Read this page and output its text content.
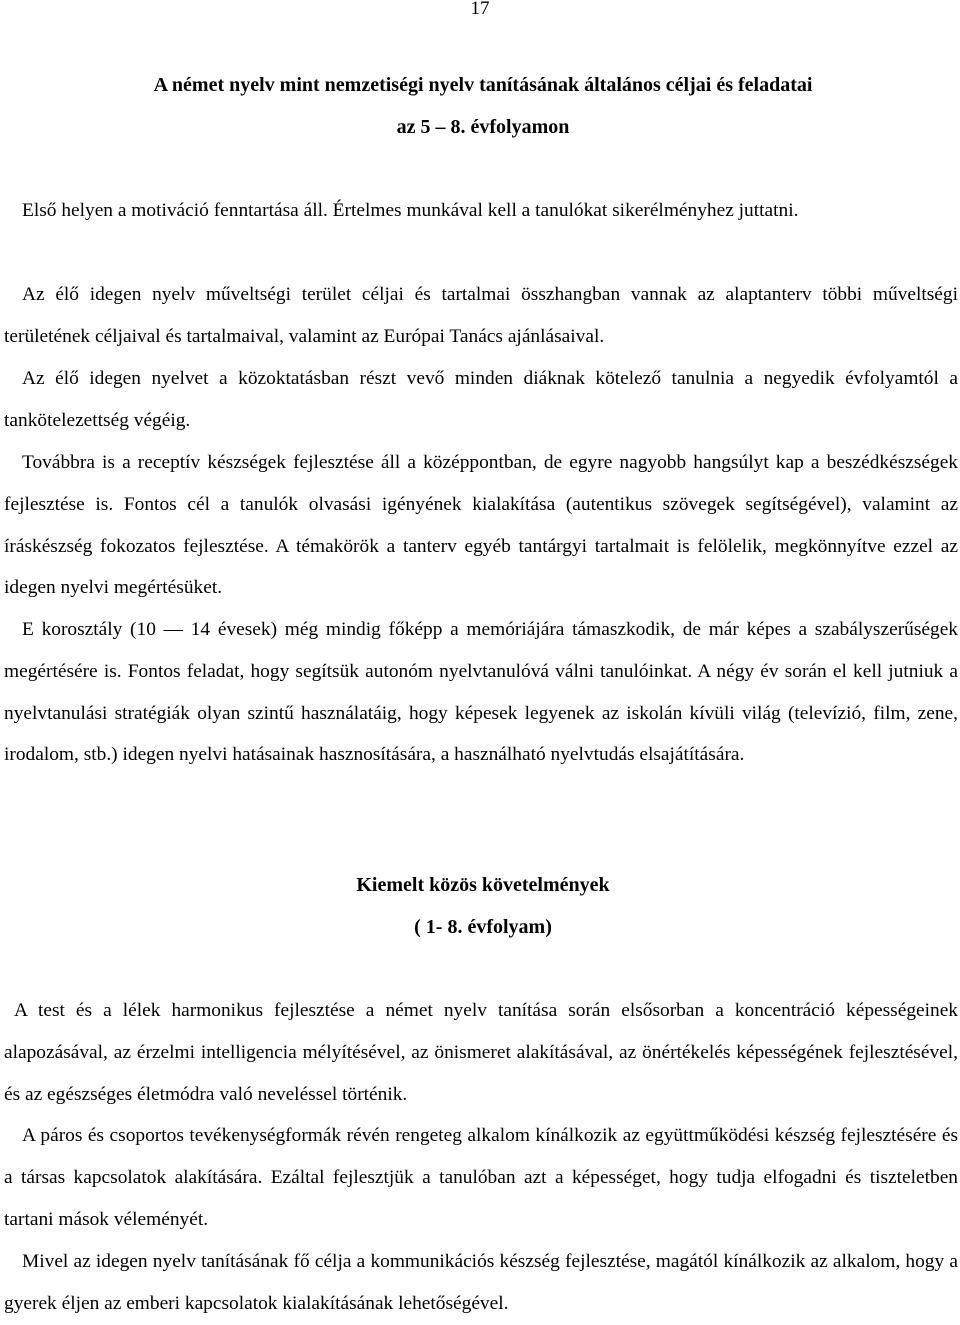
17
A német nyelv mint nemzetiségi nyelv tanításának általános céljai és feladatai
az 5 – 8. évfolyamon

Első helyen a motiváció fenntartása áll. Értelmes munkával kell a tanulókat sikerélményhez juttatni.

Az élő idegen nyelv műveltségi terület céljai és tartalmai összhangban vannak az alaptanterv többi műveltségi területének céljaival és tartalmaival, valamint az Európai Tanács ajánlásaival.

Az élő idegen nyelvet a közoktatásban részt vevő minden diáknak kötelező tanulnia a negyedik évfolyamtól a tankötelezettség végéig.

Továbbra is a receptív készségek fejlesztése áll a középpontban, de egyre nagyobb hangsúlyt kap a beszédkészségek fejlesztése is. Fontos cél a tanulók olvasási igényének kialakítása (autentikus szövegek segítségével), valamint az íráskészség fokozatos fejlesztése. A témakörök a tanterv egyéb tantárgyi tartalmait is felölelik, megkönnyítve ezzel az idegen nyelvi megértésüket.

E korosztály (10 — 14 évesek) még mindig főképp a memóriájára támaszkodik, de már képes a szabályszerűségek megértésére is. Fontos feladat, hogy segítsük autonóm nyelvtanulóvá válni tanulóinkat. A négy év során el kell jutniuk a nyelvtanulási stratégiák olyan szintű használatáig, hogy képesek legyenek az iskolán kívüli világ (televízió, film, zene, irodalom, stb.) idegen nyelvi hatásainak hasznosítására, a használható nyelvtudás elsajátítására.

Kiemelt közös követelmények
( 1- 8. évfolyam)

A test és a lélek harmonikus fejlesztése a német nyelv tanítása során elsősorban a koncentráció képességeinek alapozásával, az érzelmi intelligencia mélyítésével, az önismeret alakításával, az önértékelés képességének fejlesztésével, és az egészséges életmódra való neveléssel történik.

A páros és csoportos tevékenységformák révén rengeteg alkalom kínálkozik az együttműködési készség fejlesztésére és a társas kapcsolatok alakítására. Ezáltal fejlesztjük a tanulóban azt a képességet, hogy tudja elfogadni és tiszteletben tartani mások véleményét.

Mivel az idegen nyelv tanításának fő célja a kommunikációs készség fejlesztése, magától kínálkozik az alkalom, hogy a gyerek éljen az emberi kapcsolatok kialakításának lehetőségével.
